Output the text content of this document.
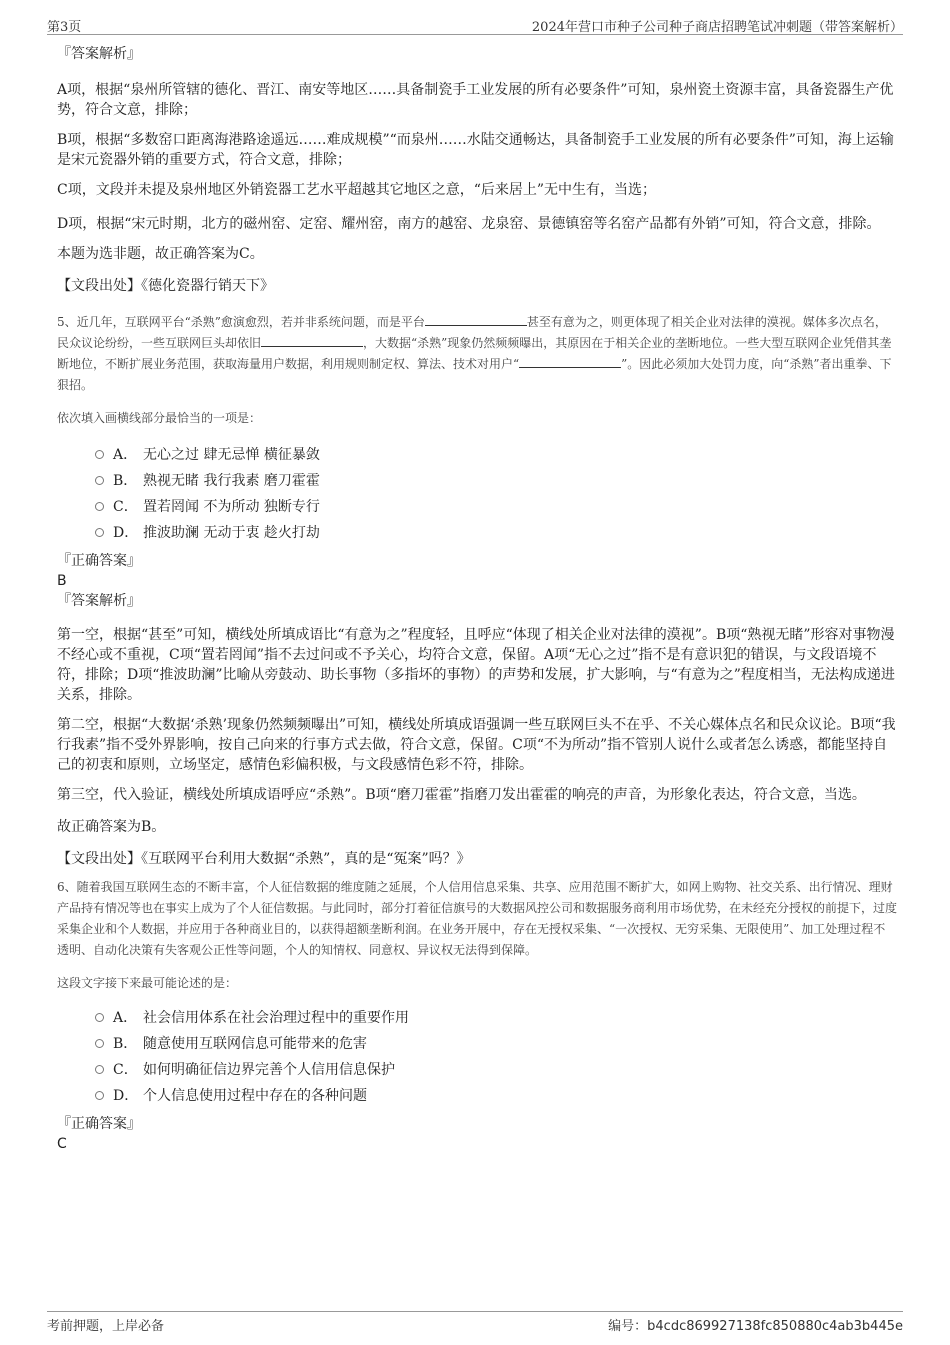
第3页	2024年营口市种子公司种子商店招聘笔试冲刺题（带答案解析）

『答案解析』

A项，根据“泉州所管辖的德化、晋江、南安等地区……具备制瓷手工业发展的所有必要条件”可知，泉州瓷土资源丰富，具备瓷器生产优势，符合文意，排除；

B项，根据“多数窑口距离海港路途遥远……难成规模”“而泉州……水陆交通畅达，具备制瓷手工业发展的所有必要条件”可知，海上运输是宋元瓷器外销的重要方式，符合文意，排除；

C项，文段并未提及泉州地区外销瓷器工艺水平超越其它地区之意，“后来居上”无中生有，当选；

D项，根据“宋元时期，北方的磁州窑、定窑、耀州窑，南方的越窑、龙泉窑、景德镇窑等名窑产品都有外销”可知，符合文意，排除。

本题为选非题，故正确答案为C。

【文段出处】《德化瓷器行销天下》

5、近几年，互联网平台“杀熟”愈演愈烈，若并非系统问题，而是平台	甚至有意为之，则更体现了相关企业对法律的漠视。媒体多次点名，民众议论纷纷，一些互联网巨头却依旧	，大数据“杀熟”现象仍然频频曝出，其原因在于相关企业的垄断地位。一些大型互联网企业凭借其垄断地位，不断扩展业务范围，获取海量用户数据，利用规则制定权、算法、技术对用户“	”。因此必须加大处罚力度，向“杀熟”者出重拳、下狠招。

依次填入画横线部分最恰当的一项是：

A． 无心之过 肆无忌惮 横征暴敛
B． 熟视无睹 我行我素 磨刀霍霍
C． 置若罔闻 不为所动 独断专行
D． 推波助澜 无动于衷 趁火打劫

『正确答案』

B

『答案解析』

第一空，根据“甚至”可知，横线处所填成语比“有意为之”程度轻，且呼应“体现了相关企业对法律的漠视”。B项“熟视无睹”形容对事物漫不经心或不重视，C项“置若罔闻”指不去过问或不予关心，均符合文意，保留。A项“无心之过”指不是有意识犯的错误，与文段语境不符，排除；D项“推波助澜”比喻从旁鼓动、助长事物（多指坏的事物）的声势和发展，扩大影响，与“有意为之”程度相当，无法构成递进关系，排除。

第二空，根据“大数据‘杀熟’现象仍然频频曝出”可知，横线处所填成语强调一些互联网巨头不在乎、不关心媒体点名和民众议论。B项“我行我素”指不受外界影响，按自己向来的行事方式去做，符合文意，保留。C项“不为所动”指不管别人说什么或者怎么诱惑，都能坚持自己的初衷和原则，立场坚定，感情色彩偏积极，与文段感情色彩不符，排除。

第三空，代入验证，横线处所填成语呼应“杀熟”。B项“磨刀霍霍”指磨刀发出霍霍的响亮的声音，为形象化表达，符合文意，当选。

故正确答案为B。

【文段出处】《互联网平台利用大数据“杀熟”，真的是“冤案”吗？》

6、随着我国互联网生态的不断丰富，个人征信数据的维度随之延展，个人信用信息采集、共享、应用范围不断扩大，如网上购物、社交关系、出行情况、理财产品持有情况等也在事实上成为了个人征信数据。与此同时，部分打着征信旗号的大数据风控公司和数据服务商利用市场优势，在未经充分授权的前提下，过度采集企业和个人数据，并应用于各种商业目的，以获得超额垄断利润。在业务开展中，存在无授权采集、“一次授权、无穷采集、无限使用”、加工处理过程不透明、自动化决策有失客观公正性等问题，个人的知情权、同意权、异议权无法得到保障。

这段文字接下来最可能论述的是：

A． 社会信用体系在社会治理过程中的重要作用
B． 随意使用互联网信息可能带来的危害
C． 如何明确征信边界完善个人信用信息保护
D． 个人信息使用过程中存在的各种问题

『正确答案』

C

考前押题，上岸必备	编号：b4cdc869927138fc850880c4ab3b445e
